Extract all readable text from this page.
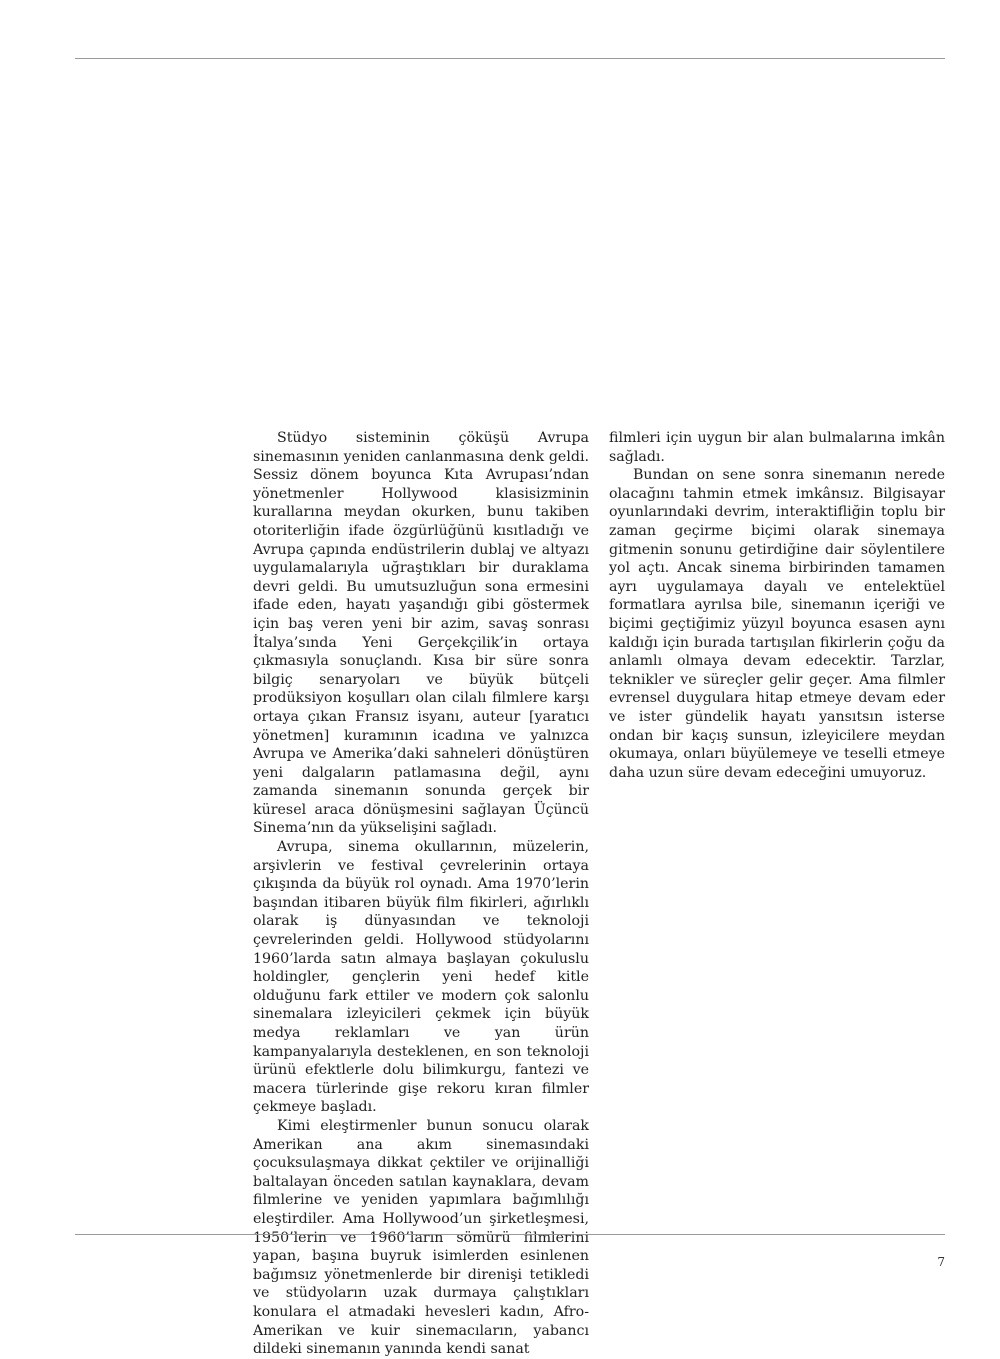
Stüdyo sisteminin çöküşü Avrupa sinemasının yeniden canlanmasına denk geldi. Sessiz dönem boyunca Kıta Avrupası’ndan yönetmenler Hollywood klasisizminin kurallarına meydan okurken, bunu takiben otoriterliğin ifade özgürlüğünü kısıtladığı ve Avrupa çapında endüstrilerin dublaj ve altyazı uygulamalarıyla uğraştıkları bir duraklama devri geldi. Bu umutsuzluğun sona ermesini ifade eden, hayatı yaşandığı gibi göstermek için baş veren yeni bir azim, savaş sonrası İtalya’sında Yeni Gerçekçilik’in ortaya çıkmasıyla sonuçlandı. Kısa bir süre sonra bilgiç senaryoları ve büyük bütçeli prodüksiyon koşulları olan cilalı filmlere karşı ortaya çıkan Fransız isyanı, auteur [yaratıcı yönetmen] kuramının icadına ve yalnızca Avrupa ve Amerika’daki sahneleri dönüştüren yeni dalgaların patlamasına değil, aynı zamanda sinemanın sonunda gerçek bir küresel araca dönüşmesini sağlayan Üçüncü Sinema’nın da yükselişini sağladı.

Avrupa, sinema okullarının, müzelerin, arşivlerin ve festival çevrelerinin ortaya çıkışında da büyük rol oynadı. Ama 1970’lerin başından itibaren büyük film fikirleri, ağırlıklı olarak iş dünyasından ve teknoloji çevrelerinden geldi. Hollywood stüdyolarını 1960’larda satın almaya başlayan çokuluslu holdingler, gençlerin yeni hedef kitle olduğunu fark ettiler ve modern çok salonlu sinemalara izleyicileri çekmek için büyük medya reklamları ve yan ürün kampanyalarıyla desteklenen, en son teknoloji ürünü efektlerle dolu bilimkurgu, fantezi ve macera türlerinde gişe rekoru kıran filmler çekmeye başladı.

Kimi eleştirmenler bunun sonucu olarak Amerikan ana akım sinemasındaki çocuksulaşmaya dikkat çektiler ve orijinalliği baltalayan önceden satılan kaynaklara, devam filmlerine ve yeniden yapımlara bağımlılığı eleştirdiler. Ama Hollywood’un şirketleşmesi, 1950’lerin ve 1960’ların sömürü filmlerini yapan, başına buyruk isimlerden esinlenen bağımsız yönetmenlerde bir direnişi tetikledi ve stüdyoların uzak durmaya çalıştıkları konulara el atmadaki hevesleri kadın, Afro-Amerikan ve kuir sinemacıların, yabancı dildeki sinemanın yanında kendi sanat

filmleri için uygun bir alan bulmalarına imkân sağladı.

Bundan on sene sonra sinemanın nerede olacağını tahmin etmek imkânsız. Bilgisayar oyunlarındaki devrim, interaktifliğin toplu bir zaman geçirme biçimi olarak sinemaya gitmenin sonunu getirdiğine dair söylentilere yol açtı. Ancak sinema birbirinden tamamen ayrı uygulamaya dayalı ve entelektüel formatlara ayrılsa bile, sinemanın içeriği ve biçimi geçtiğimiz yüzyıl boyunca esasen aynı kaldığı için burada tartışılan fikirlerin çoğu da anlamlı olmaya devam edecektir. Tarzlar, teknikler ve süreçler gelir geçer. Ama filmler evrensel duygulara hitap etmeye devam eder ve ister gündelik hayatı yansıtsın isterse ondan bir kaçış sunsun, izleyicilere meydan okumaya, onları büyülemeye ve teselli etmeye daha uzun süre devam edeceğini umuyoruz.

7
